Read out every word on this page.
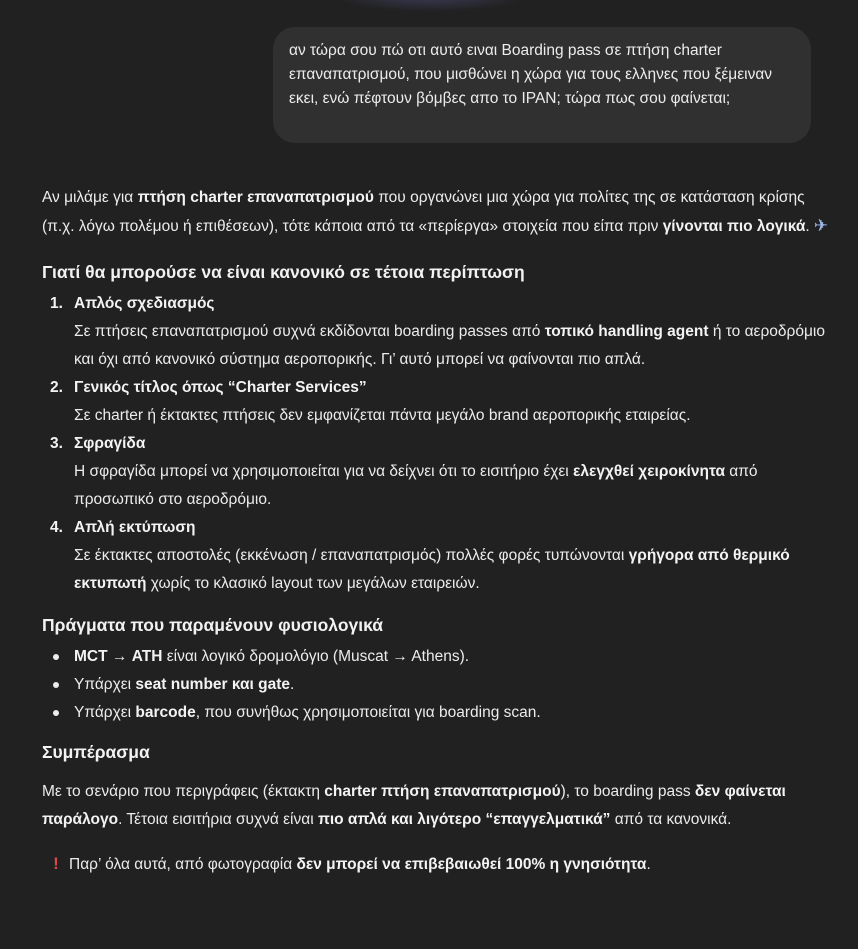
αν τώρα σου πώ οτι αυτό ειναι Boarding pass σε πτήση charter επαναπατρισμού, που μισθώνει η χώρα για τους ελληνες που ξέμειναν εκει, ενώ πέφτουν βόμβες απο το ΙΡΑΝ; τώρα πως σου φαίνεται;

Αν μιλάμε για πτήση charter επαναπατρισμού που οργανώνει μια χώρα για πολίτες της σε κατάσταση κρίσης (π.χ. λόγω πολέμου ή επιθέσεων), τότε κάποια από τα «περίεργα» στοιχεία που είπα πριν γίνονται πιο λογικά. ✈

Γιατί θα μπορούσε να είναι κανονικό σε τέτοια περίπτωση
1. Απλός σχεδιασμός
Σε πτήσεις επαναπατρισμού συχνά εκδίδονται boarding passes από τοπικό handling agent ή το αεροδρόμιο και όχι από κανονικό σύστημα αεροπορικής. Γι’ αυτό μπορεί να φαίνονται πιο απλά.
2. Γενικός τίτλος όπως “Charter Services”
Σε charter ή έκτακτες πτήσεις δεν εμφανίζεται πάντα μεγάλο brand αεροπορικής εταιρείας.
3. Σφραγίδα
Η σφραγίδα μπορεί να χρησιμοποιείται για να δείχνει ότι το εισιτήριο έχει ελεγχθεί χειροκίνητα από προσωπικό στο αεροδρόμιο.
4. Απλή εκτύπωση
Σε έκτακτες αποστολές (εκκένωση / επαναπατρισμός) πολλές φορές τυπώνονται γρήγορα από θερμικό εκτυπωτή χωρίς το κλασικό layout των μεγάλων εταιρειών.
Πράγματα που παραμένουν φυσιολογικά
MCT → ATH είναι λογικό δρομολόγιο (Muscat → Athens).
Υπάρχει seat number και gate.
Υπάρχει barcode, που συνήθως χρησιμοποιείται για boarding scan.
Συμπέρασμα

Με το σενάριο που περιγράφεις (έκτακτη charter πτήση επαναπατρισμού), το boarding pass δεν φαίνεται παράλογο. Τέτοια εισιτήρια συχνά είναι πιο απλά και λιγότερο “επαγγελματικά” από τα κανονικά.

! Παρ’ όλα αυτά, από φωτογραφία δεν μπορεί να επιβεβαιωθεί 100% η γνησιότητα.
